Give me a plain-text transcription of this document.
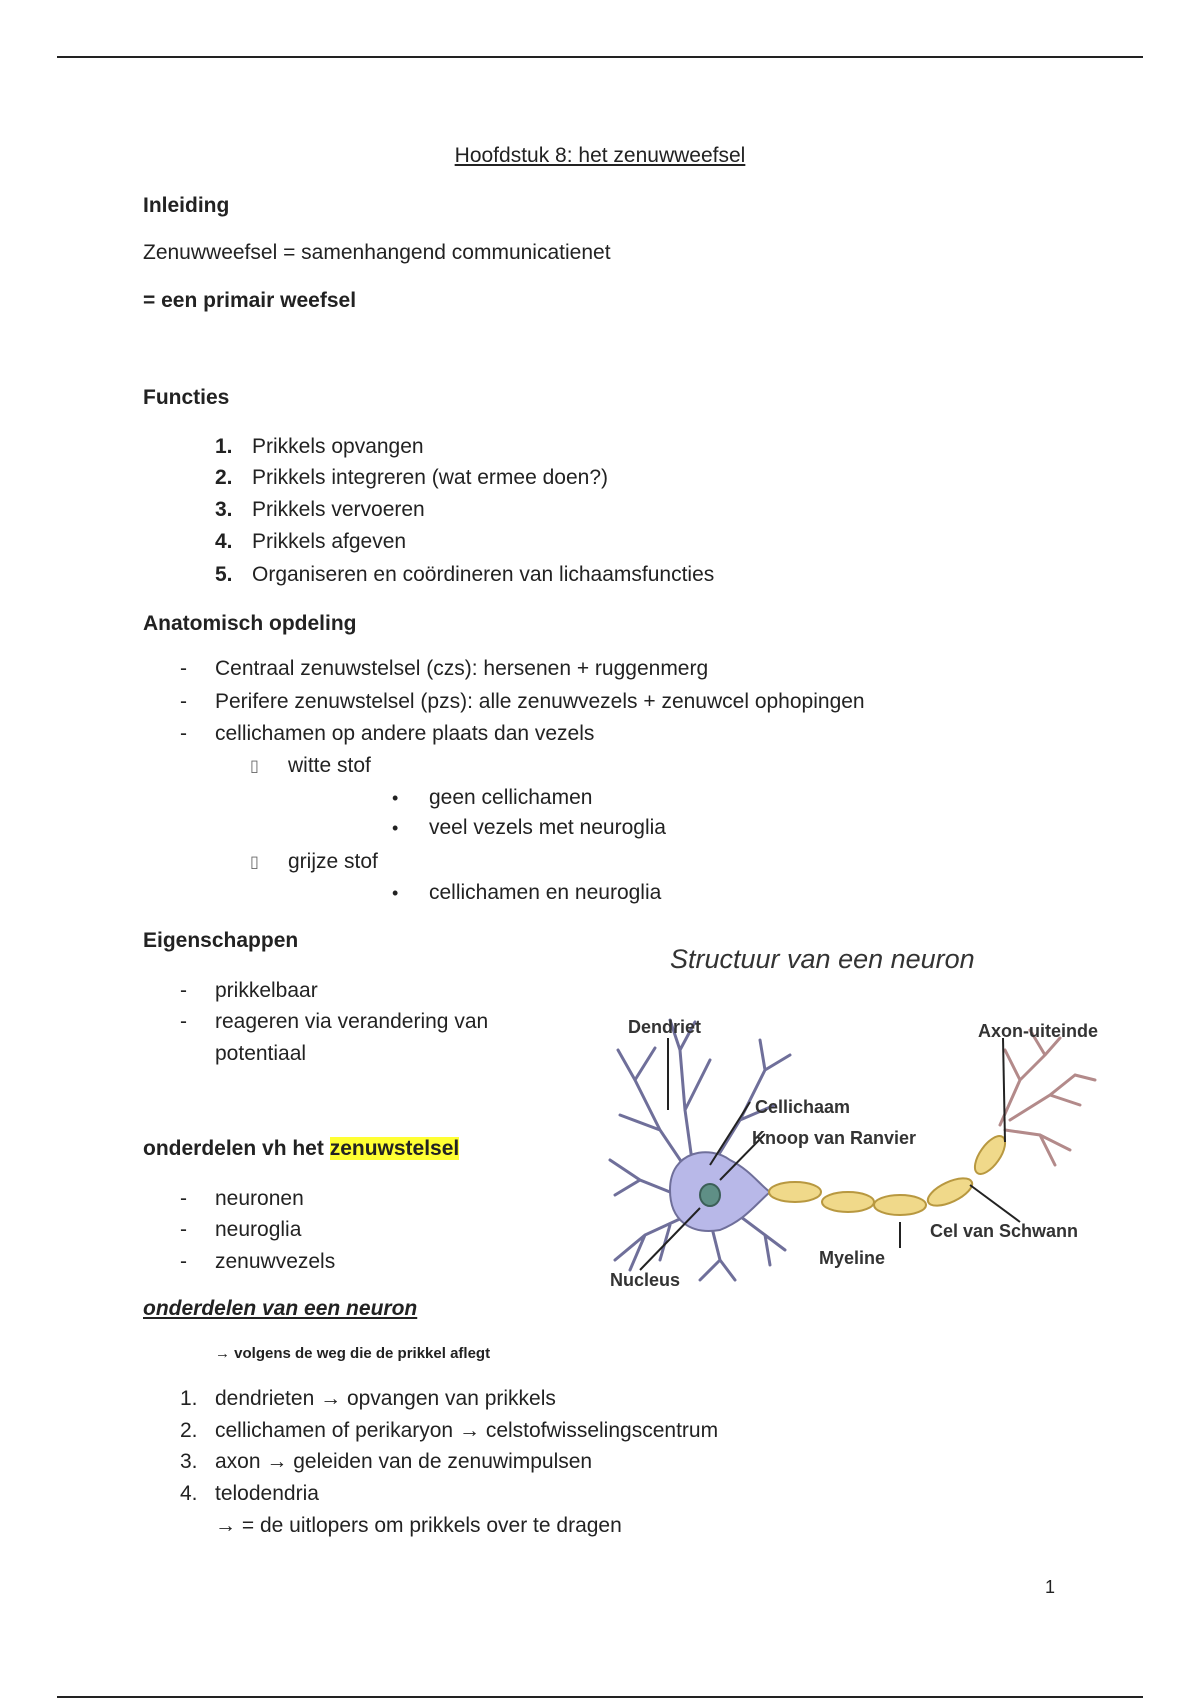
Hoofdstuk 8: het zenuwweefsel
Inleiding
Zenuwweefsel = samenhangend communicatienet
= een primair weefsel
Functies
1. Prikkels opvangen
2. Prikkels integreren (wat ermee doen?)
3. Prikkels vervoeren
4. Prikkels afgeven
5. Organiseren en coördineren van lichaamsfuncties
Anatomisch opdeling
- Centraal zenuwstelsel (czs): hersenen + ruggenmerg
- Perifere zenuwstelsel (pzs): alle zenuwvezels + zenuwcel ophopingen
- cellichamen op andere plaats dan vezels
▯ witte stof
• geen cellichamen
• veel vezels met neuroglia
▯ grijze stof
• cellichamen en neuroglia
Eigenschappen
- prikkelbaar
- reageren via verandering van
potentiaal
onderdelen vh het zenuwstelsel
- neuronen
- neuroglia
- zenuwvezels
onderdelen van een neuron
→ volgens de weg die de prikkel aflegt
1. dendrieten → opvangen van prikkels
2. cellichamen of perikaryon → celstofwisselingscentrum
3. axon → geleiden van de zenuwimpulsen
4. telodendria
→ = de uitlopers om prikkels over te dragen
1
Structuur van een neuron
Dendriet	Axon-uiteinde
Cellichaam
Knoop van Ranvier
Cel van Schwann
Myeline
Nucleus
